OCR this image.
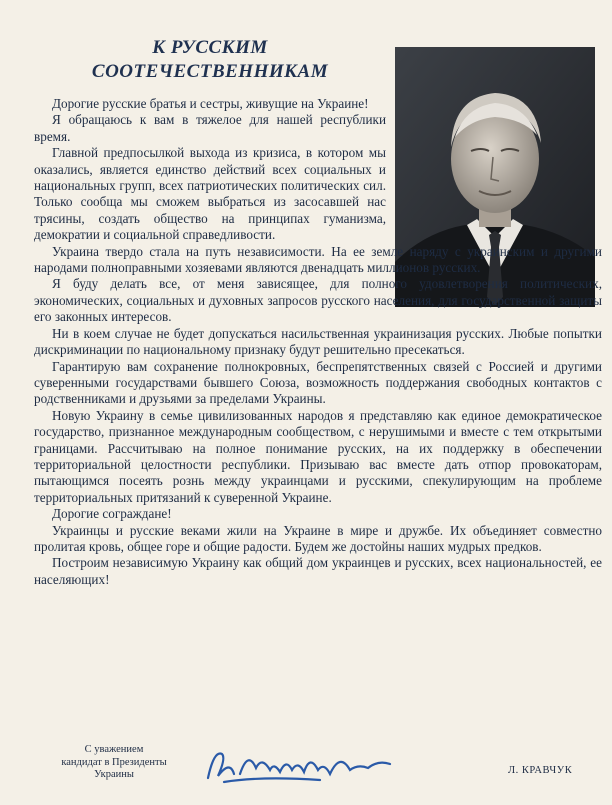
К РУССКИМ
СООТЕЧЕСТВЕННИКАМ

Дорогие русские братья и сестры, живущие на Украине!

Я обращаюсь к вам в тяжелое для нашей республики время.

Главной предпосылкой выхода из кризиса, в котором мы оказались, является единство действий всех социальных и национальных групп, всех патриотических политических сил. Только сообща мы сможем выбраться из засосавшей нас трясины, создать общество на принципах гуманизма, демократии и социальной справедливости.

Украина твердо стала на путь независимости. На ее земле наряду с украинским и другими народами полноправными хозяевами являются двенадцать миллионов русских.

Я буду делать все, от меня зависящее, для полного удовлетворения политических, экономических, социальных и духовных запросов русского населения, для государственной защиты его законных интересов.

Ни в коем случае не будет допускаться насильственная украинизация русских. Любые попытки дискриминации по национальному признаку будут решительно пресекаться.

Гарантирую вам сохранение полнокровных, беспрепятственных связей с Россией и другими суверенными государствами бывшего Союза, возможность поддержания свободных контактов с родственниками и друзьями за пределами Украины.

Новую Украину в семье цивилизованных народов я представляю как единое демократическое государство, признанное международным сообществом, с нерушимыми и вместе с тем открытыми границами. Рассчитываю на полное понимание русских, на их поддержку в обеспечении территориальной целостности республики. Призываю вас вместе дать отпор провокаторам, пытающимся посеять рознь между украинцами и русскими, спекулирующим на проблеме территориальных притязаний к суверенной Украине.

Дорогие сограждане!

Украинцы и русские веками жили на Украине в мире и дружбе. Их объединяет совместно пролитая кровь, общее горе и общие радости. Будем же достойны наших мудрых предков.

Построим независимую Украину как общий дом украинцев и русских, всех национальностей, ее населяющих!

С уважением
кандидат в Президенты
Украины	Л. КРАВЧУК
